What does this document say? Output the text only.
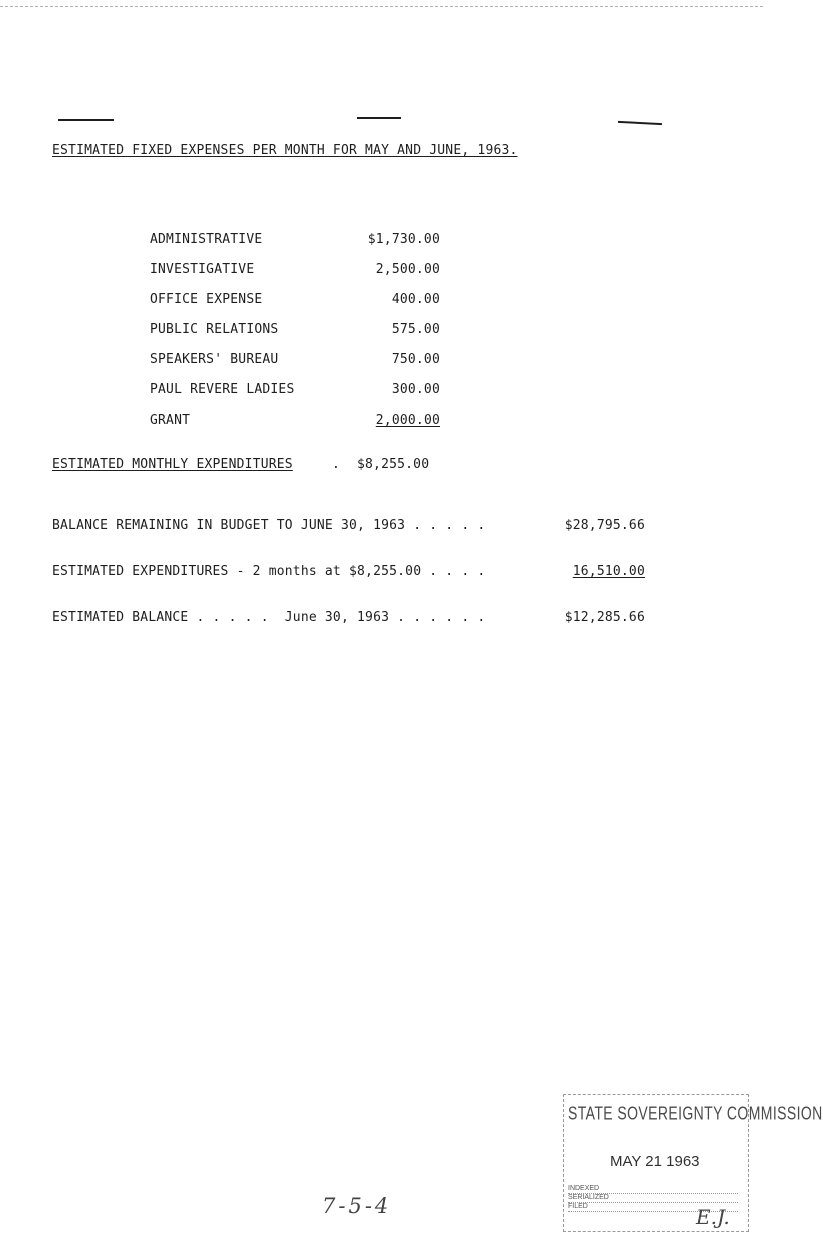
ESTIMATED FIXED EXPENSES PER MONTH FOR MAY AND JUNE, 1963.
ADMINISTRATIVE	$1,730.00
INVESTIGATIVE	2,500.00
OFFICE EXPENSE	400.00
PUBLIC RELATIONS	575.00
SPEAKERS' BUREAU	750.00
PAUL REVERE LADIES	300.00
GRANT	2,000.00
ESTIMATED MONTHLY EXPENDITURES	. $8,255.00
BALANCE REMAINING IN BUDGET TO JUNE 30, 1963 . . . . .	$28,795.66
ESTIMATED EXPENDITURES - 2 months at $8,255.00 . . . .	16,510.00
ESTIMATED BALANCE . . . . .  June 30, 1963 . . . . . .	$12,285.66
7-5-4
STATE SOVEREIGNTY COMMISSION
MAY 21 1963
INDEXED
SERIALIZED
FILED	E.J.
